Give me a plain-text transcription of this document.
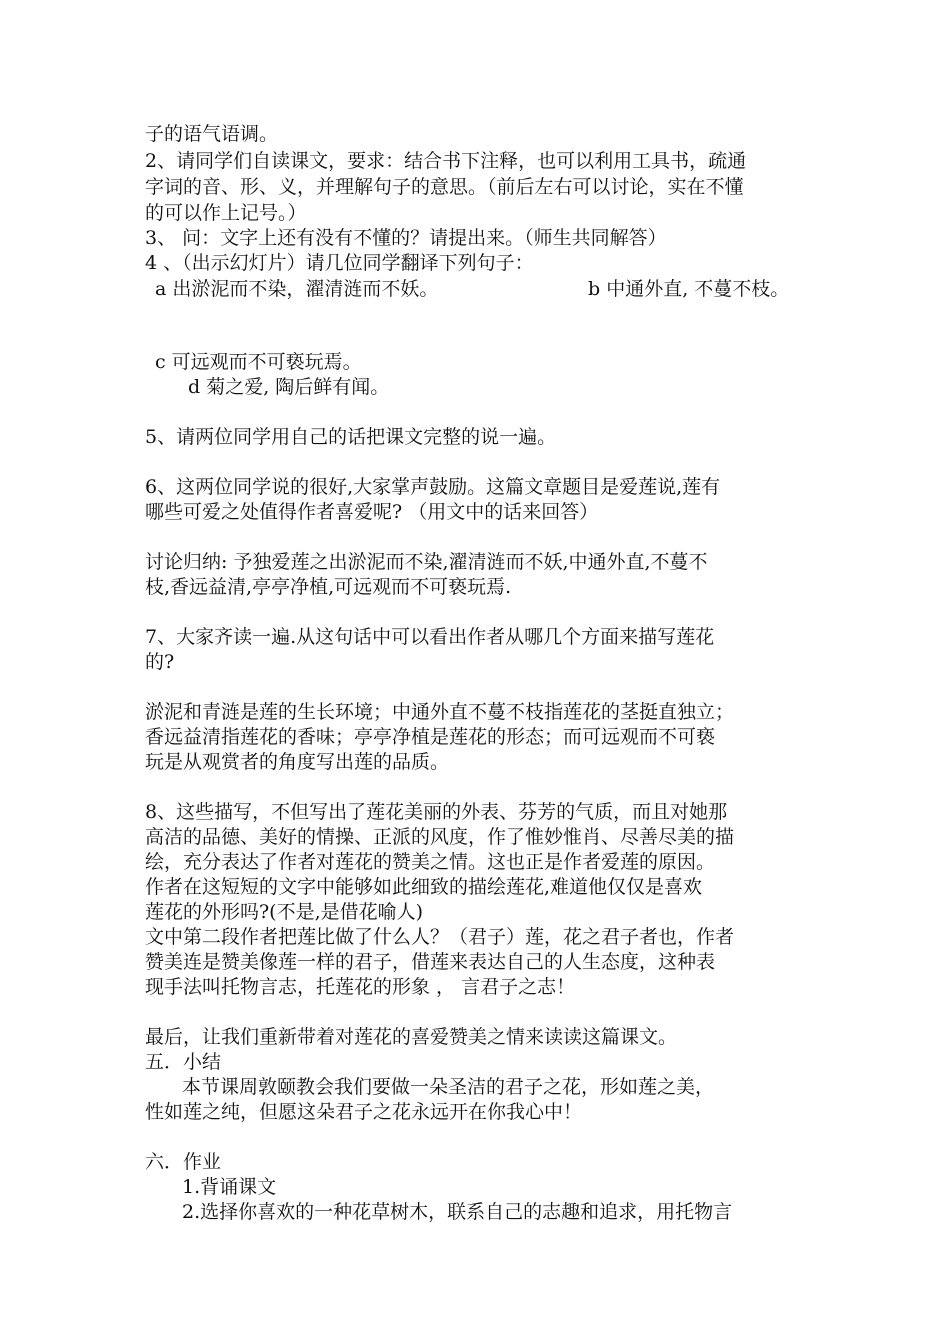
子的语气语调。
2、请同学们自读课文，要求：结合书下注释，也可以利用工具书，疏通
字词的音、形、义，并理解句子的意思。（前后左右可以讨论，实在不懂
的可以作上记号。）
3、 问：文字上还有没有不懂的？请提出来。（师生共同解答）
4 、（出示幻灯片）请几位同学翻译下列句子：
a 出淤泥而不染，濯清涟而不妖。	b 中通外直, 不蔓不枝。
c 可远观而不可亵玩焉。
d 菊之爱, 陶后鲜有闻。
5、请两位同学用自己的话把课文完整的说一遍。
6、这两位同学说的很好,大家掌声鼓励。这篇文章题目是爱莲说,莲有
哪些可爱之处值得作者喜爱呢? （用文中的话来回答）
讨论归纳: 予独爱莲之出淤泥而不染,濯清涟而不妖,中通外直,不蔓不
枝,香远益清,亭亭净植,可远观而不可亵玩焉.
7、大家齐读一遍.从这句话中可以看出作者从哪几个方面来描写莲花
的?
淤泥和青涟是莲的生长环境；中通外直不蔓不枝指莲花的茎挺直独立；
香远益清指莲花的香味；亭亭净植是莲花的形态；而可远观而不可亵
玩是从观赏者的角度写出莲的品质。
8、这些描写，不但写出了莲花美丽的外表、芬芳的气质，而且对她那
高洁的品德、美好的情操、正派的风度，作了惟妙惟肖、尽善尽美的描
绘，充分表达了作者对莲花的赞美之情。这也正是作者爱莲的原因。
作者在这短短的文字中能够如此细致的描绘莲花,难道他仅仅是喜欢
莲花的外形吗?(不是,是借花喻人)
文中第二段作者把莲比做了什么人？（君子）莲，花之君子者也，作者
赞美连是赞美像莲一样的君子，借莲来表达自己的人生态度，这种表
现手法叫托物言志，托莲花的形象 ， 言君子之志！
最后，让我们重新带着对莲花的喜爱赞美之情来读读这篇课文。
五．小结
本节课周敦颐教会我们要做一朵圣洁的君子之花，形如莲之美，
性如莲之纯，但愿这朵君子之花永远开在你我心中！
六．作业
1.背诵课文
2.选择你喜欢的一种花草树木，联系自己的志趣和追求，用托物言
